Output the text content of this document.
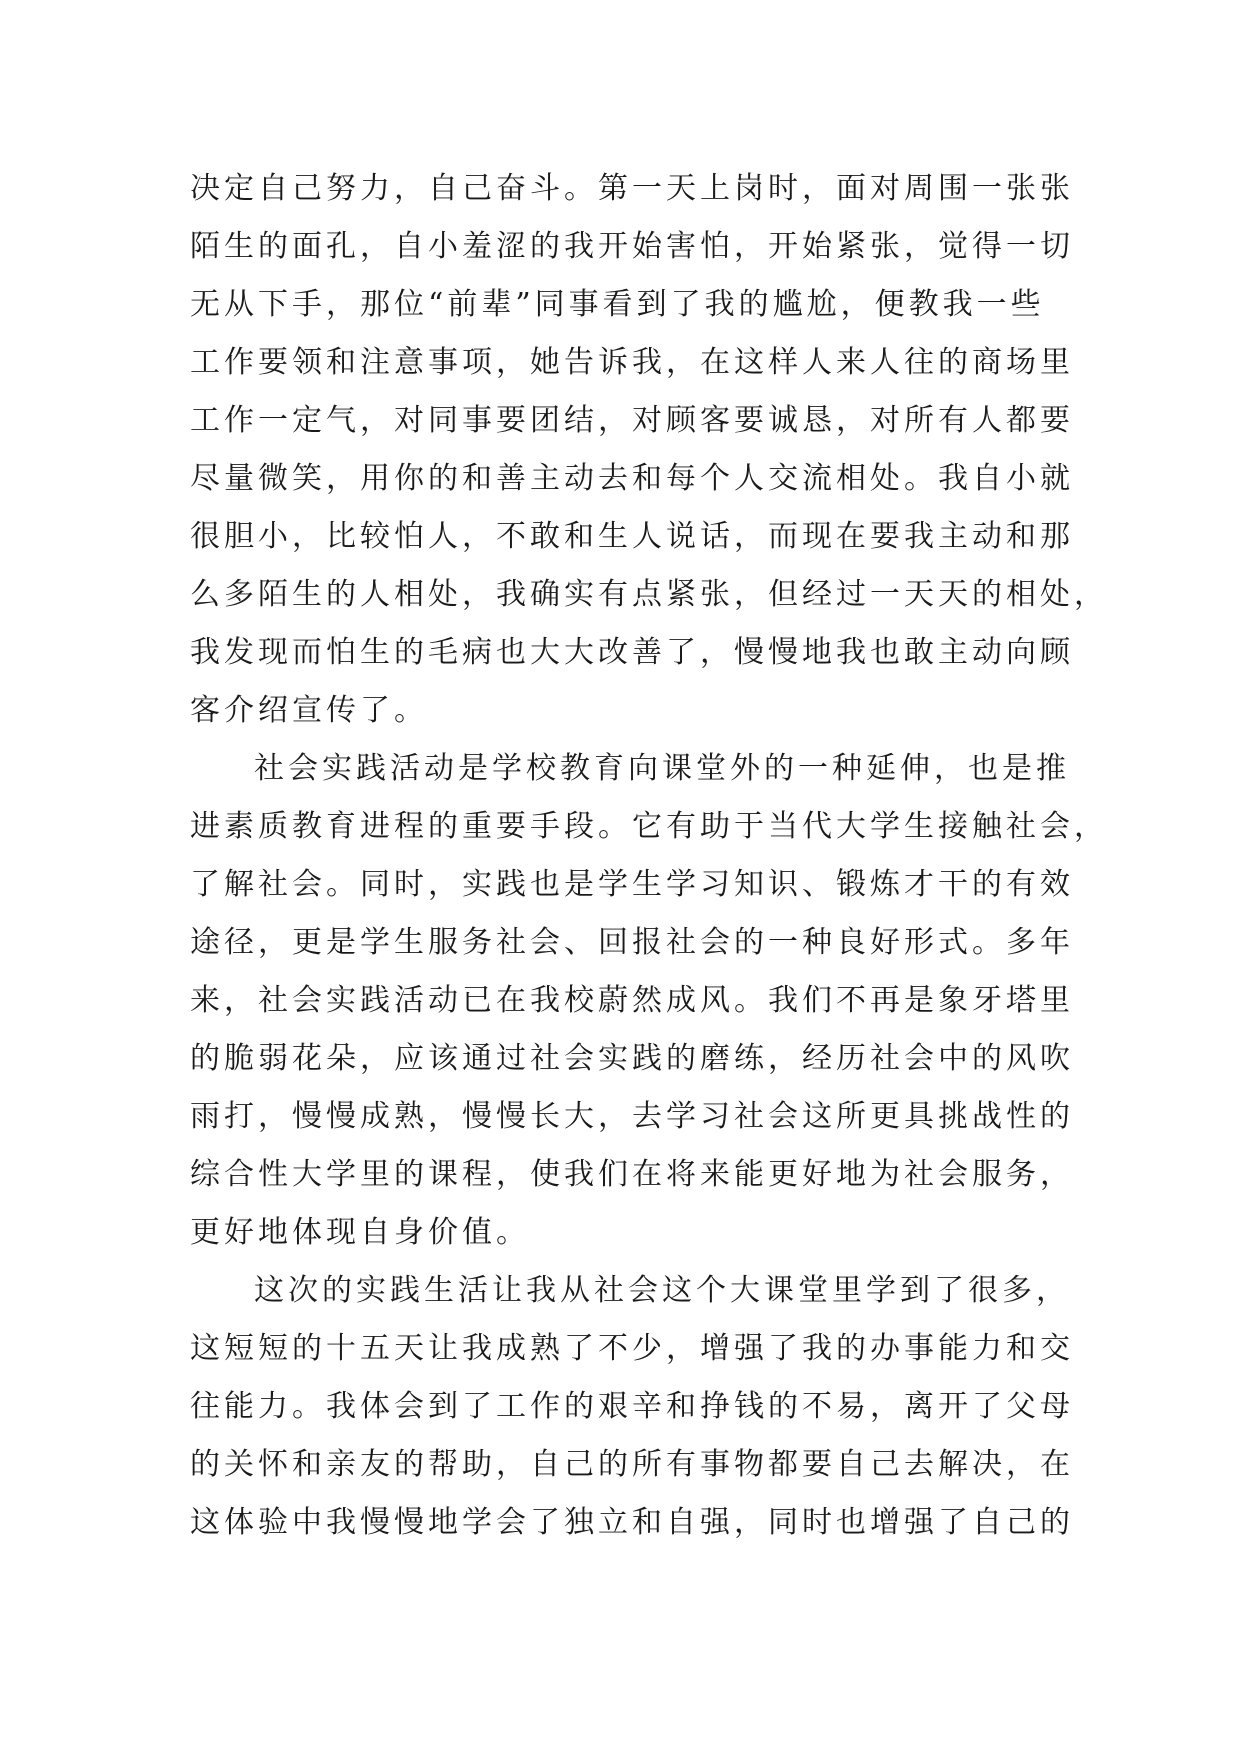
决定自己努力，自己奋斗。第一天上岗时，面对周围一张张
陌生的面孔，自小羞涩的我开始害怕，开始紧张，觉得一切
无从下手，那位“前辈”同事看到了我的尴尬，便教我一些
工作要领和注意事项，她告诉我，在这样人来人往的商场里
工作一定气，对同事要团结，对顾客要诚恳，对所有人都要
尽量微笑，用你的和善主动去和每个人交流相处。我自小就
很胆小，比较怕人，不敢和生人说话，而现在要我主动和那
么多陌生的人相处，我确实有点紧张，但经过一天天的相处，
我发现而怕生的毛病也大大改善了，慢慢地我也敢主动向顾
客介绍宣传了。
社会实践活动是学校教育向课堂外的一种延伸，也是推
进素质教育进程的重要手段。它有助于当代大学生接触社会，
了解社会。同时，实践也是学生学习知识、锻炼才干的有效
途径，更是学生服务社会、回报社会的一种良好形式。多年
来，社会实践活动已在我校蔚然成风。我们不再是象牙塔里
的脆弱花朵，应该通过社会实践的磨练，经历社会中的风吹
雨打，慢慢成熟，慢慢长大，去学习社会这所更具挑战性的
综合性大学里的课程，使我们在将来能更好地为社会服务，
更好地体现自身价值。
这次的实践生活让我从社会这个大课堂里学到了很多，
这短短的十五天让我成熟了不少，增强了我的办事能力和交
往能力。我体会到了工作的艰辛和挣钱的不易，离开了父母
的关怀和亲友的帮助，自己的所有事物都要自己去解决，在
这体验中我慢慢地学会了独立和自强，同时也增强了自己的
